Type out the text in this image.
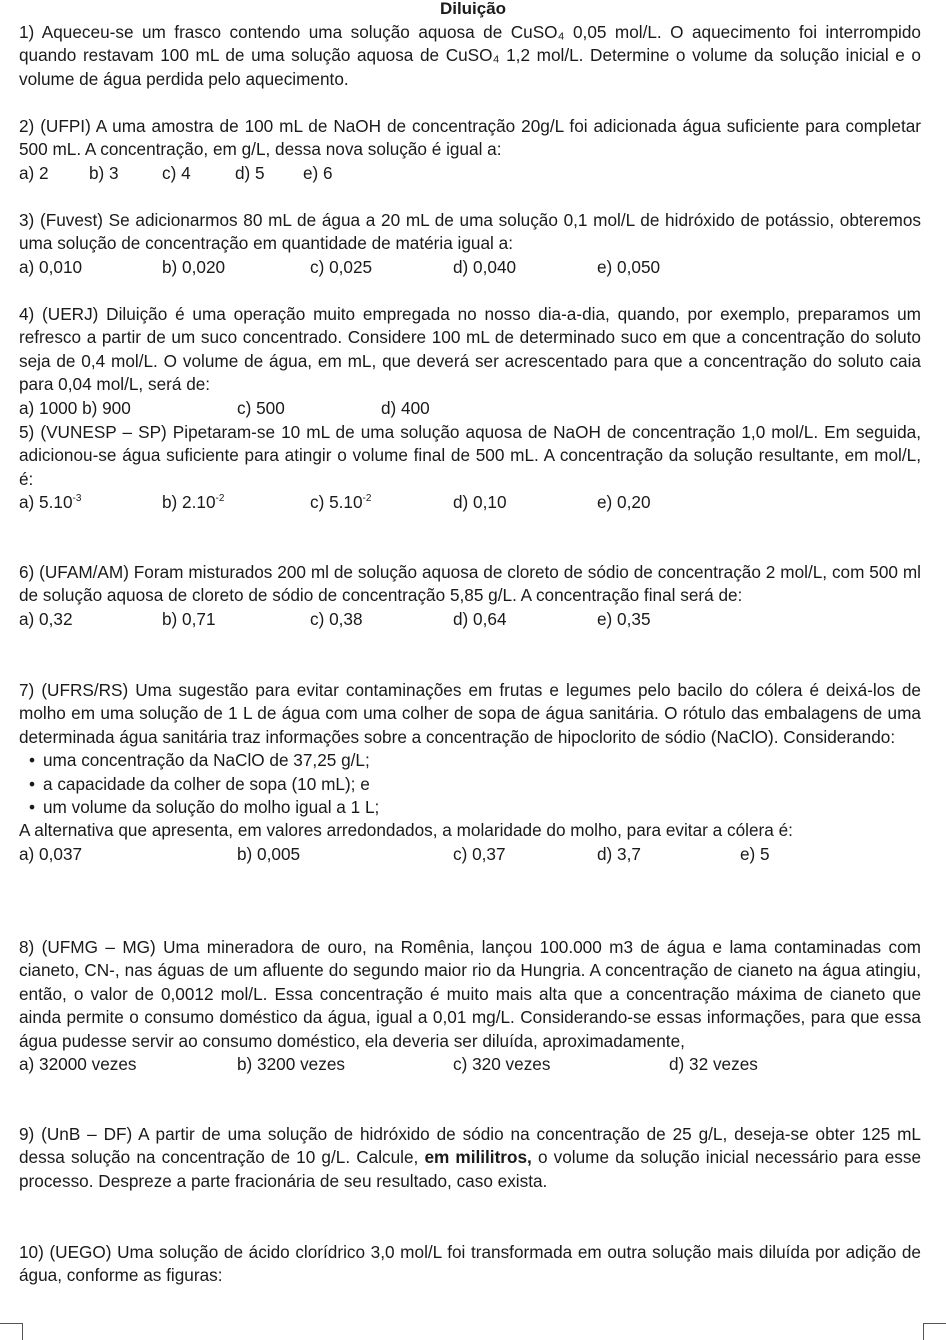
Diluição
1) Aqueceu-se um frasco contendo uma solução aquosa de CuSO₄ 0,05 mol/L. O aquecimento foi interrompido quando restavam 100 mL de uma solução aquosa de CuSO₄ 1,2 mol/L. Determine o volume da solução inicial e o volume de água perdida pelo aquecimento.
2) (UFPI) A uma amostra de 100 mL de NaOH de concentração 20g/L foi adicionada água suficiente para completar 500 mL. A concentração, em g/L, dessa nova solução é igual a:
a) 2 b) 3	c) 4	d) 5 e) 6
3) (Fuvest) Se adicionarmos 80 mL de água a 20 mL de uma solução 0,1 mol/L de hidróxido de potássio, obteremos uma solução de concentração em quantidade de matéria igual a:
a) 0,010	b) 0,020	c) 0,025	d) 0,040	e) 0,050
4) (UERJ) Diluição é uma operação muito empregada no nosso dia-a-dia, quando, por exemplo, preparamos um refresco a partir de um suco concentrado. Considere 100 mL de determinado suco em que a concentração do soluto seja de 0,4 mol/L. O volume de água, em mL, que deverá ser acrescentado para que a concentração do soluto caia para 0,04 mol/L, será de:
a) 1000 b) 900	c) 500	d) 400
5) (VUNESP – SP) Pipetaram-se 10 mL de uma solução aquosa de NaOH de concentração 1,0 mol/L. Em seguida, adicionou-se água suficiente para atingir o volume final de 500 mL. A concentração da solução resultante, em mol/L, é:
a) $5.10^{-3}$	b) $2.10^{-2}$	c) $5.10^{-2}$	d) 0,10	e) 0,20
6) (UFAM/AM) Foram misturados 200 ml de solução aquosa de cloreto de sódio de concentração 2 mol/L, com 500 ml de solução aquosa de cloreto de sódio de concentração 5,85 g/L. A concentração final será de:
a) 0,32	b) 0,71	c) 0,38	d) 0,64	e) 0,35
7) (UFRS/RS) Uma sugestão para evitar contaminações em frutas e legumes pelo bacilo do cólera é deixá-los de molho em uma solução de 1 L de água com uma colher de sopa de água sanitária. O rótulo das embalagens de uma determinada água sanitária traz informações sobre a concentração de hipoclorito de sódio (NaClO). Considerando:
• uma concentração da NaClO de 37,25 g/L;
• a capacidade da colher de sopa (10 mL); e
• um volume da solução do molho igual a 1 L;
A alternativa que apresenta, em valores arredondados, a molaridade do molho, para evitar a cólera é:
a) 0,037	b) 0,005	c) 0,37	d) 3,7	e) 5
8) (UFMG – MG) Uma mineradora de ouro, na Romênia, lançou 100.000 m3 de água e lama contaminadas com cianeto, CN-, nas águas de um afluente do segundo maior rio da Hungria. A concentração de cianeto na água atingiu, então, o valor de 0,0012 mol/L. Essa concentração é muito mais alta que a concentração máxima de cianeto que ainda permite o consumo doméstico da água, igual a 0,01 mg/L. Considerando-se essas informações, para que essa água pudesse servir ao consumo doméstico, ela deveria ser diluída, aproximadamente,
a) 32000 vezes	b) 3200 vezes	c) 320 vezes	d) 32 vezes
9) (UnB – DF) A partir de uma solução de hidróxido de sódio na concentração de 25 g/L, deseja-se obter 125 mL dessa solução na concentração de 10 g/L. Calcule, em mililitros, o volume da solução inicial necessário para esse processo. Despreze a parte fracionária de seu resultado, caso exista.
10) (UEGO) Uma solução de ácido clorídrico 3,0 mol/L foi transformada em outra solução mais diluída por adição de água, conforme as figuras:
